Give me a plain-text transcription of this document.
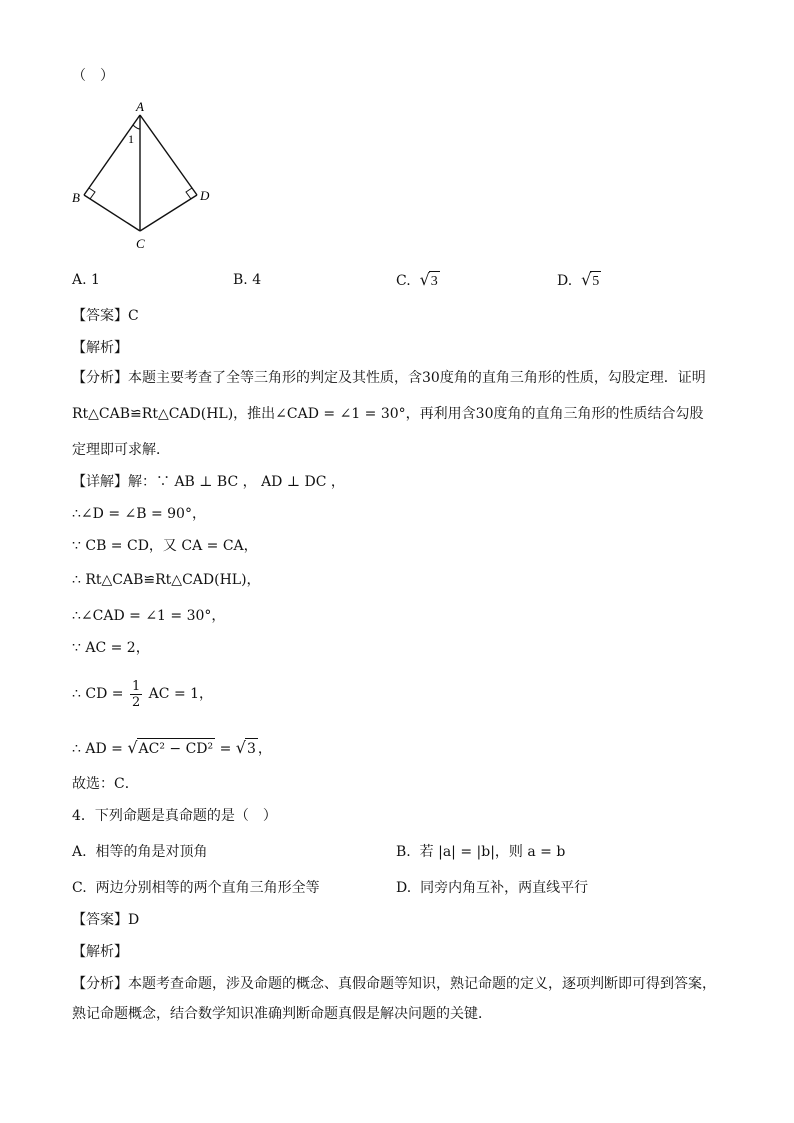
（　）
A
B	D
C
1
A. 1	B. 4	C. √3	D. √5
【答案】C
【解析】
【分析】本题主要考查了全等三角形的判定及其性质，含30度角的直角三角形的性质，勾股定理．证明
Rt△CAB≌Rt△CAD(HL)，推出∠CAD = ∠1 = 30°，再利用含30度角的直角三角形的性质结合勾股
定理即可求解．
【详解】解：∵ AB ⊥ BC ， AD ⊥ DC ，
∴∠D = ∠B = 90°，
∵ CB = CD，又 CA = CA，
∴ Rt△CAB≌Rt△CAD(HL)，
∴∠CAD = ∠1 = 30°，
∵ AC = 2，
∴ CD = $\frac{1}{2}$ AC = 1，
∴ AD = √AC² − CD² = √3 ，
故选：C．
4．下列命题是真命题的是（　）
A. 相等的角是对顶角	B. 若 |a| = |b|，则 a = b
C. 两边分别相等的两个直角三角形全等	D. 同旁内角互补，两直线平行
【答案】D
【解析】
【分析】本题考查命题，涉及命题的概念、真假命题等知识，熟记命题的定义，逐项判断即可得到答案，
熟记命题概念，结合数学知识准确判断命题真假是解决问题的关键．
